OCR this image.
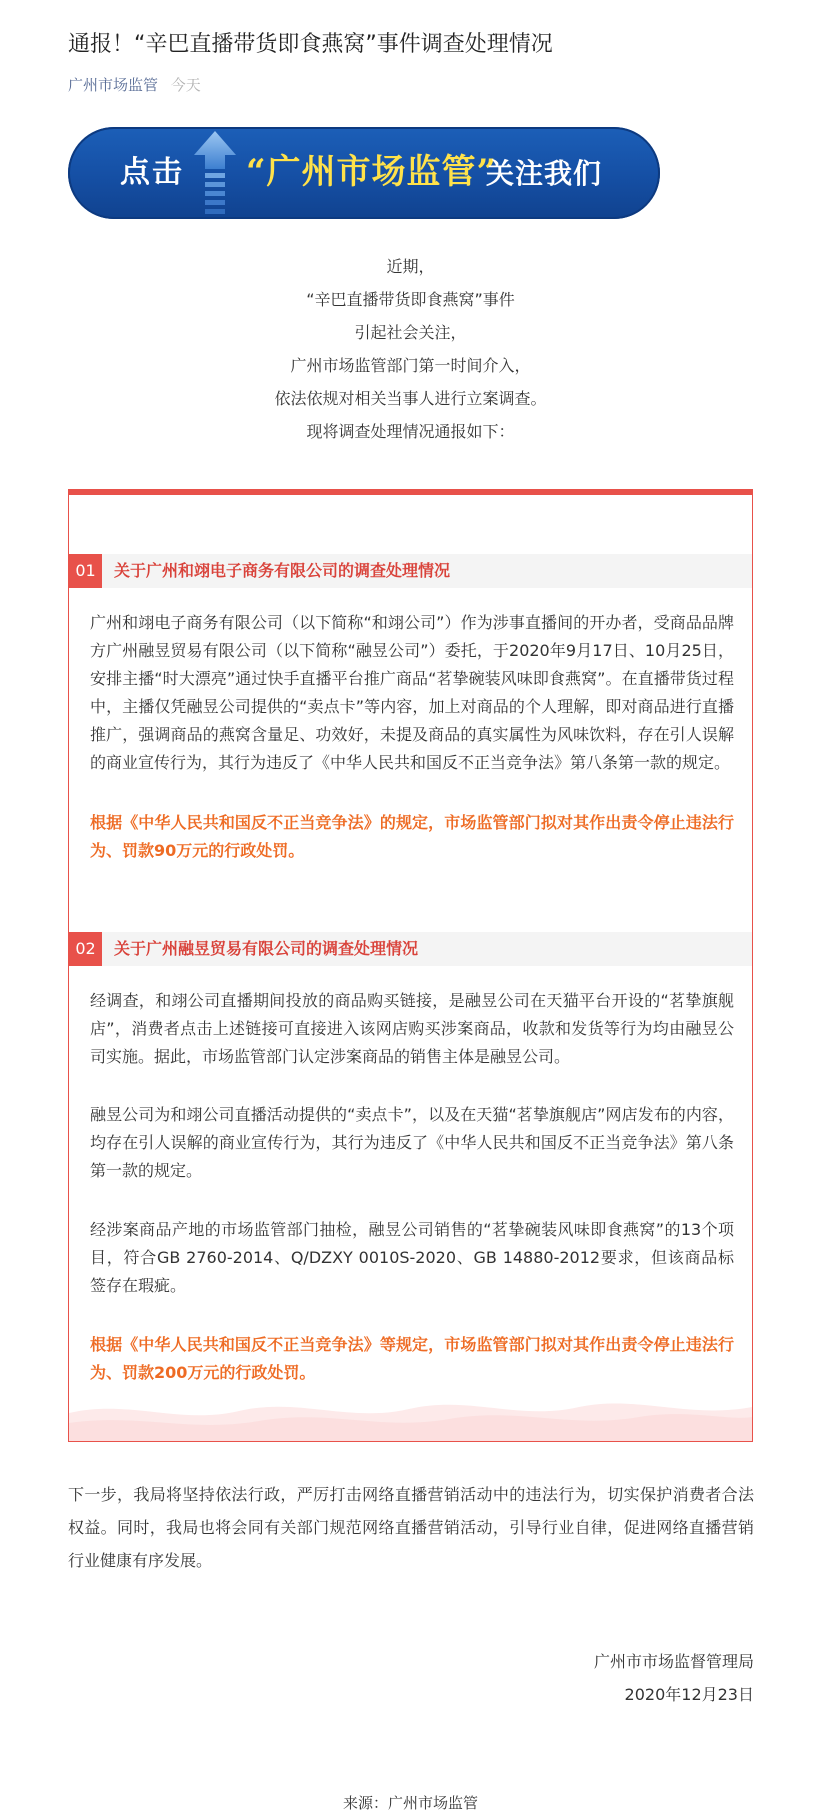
通报！“辛巴直播带货即食燕窝”事件调查处理情况
广州市场监管 今天
点击 “广州市场监管”
关注我们
近期，
“辛巴直播带货即食燕窝”事件
引起社会关注，
广州市场监管部门第一时间介入，
依法依规对相关当事人进行立案调查。
现将调查处理情况通报如下：
01	关于广州和翊电子商务有限公司的调查处理情况

广州和翊电子商务有限公司（以下简称“和翊公司”）作为涉事直播间的开办者，受商品品牌方广州融昱贸易有限公司（以下简称“融昱公司”）委托，于2020年9月17日、10月25日，安排主播“时大漂亮”通过快手直播平台推广商品“茗挚碗装风味即食燕窝”。在直播带货过程中，主播仅凭融昱公司提供的“卖点卡”等内容，加上对商品的个人理解，即对商品进行直播推广，强调商品的燕窝含量足、功效好，未提及商品的真实属性为风味饮料，存在引人误解的商业宣传行为，其行为违反了《中华人民共和国反不正当竞争法》第八条第一款的规定。

根据《中华人民共和国反不正当竞争法》的规定，市场监管部门拟对其作出责令停止违法行为、罚款90万元的行政处罚。

02	关于广州融昱贸易有限公司的调查处理情况

经调查，和翊公司直播期间投放的商品购买链接，是融昱公司在天猫平台开设的“茗挚旗舰店”，消费者点击上述链接可直接进入该网店购买涉案商品，收款和发货等行为均由融昱公司实施。据此，市场监管部门认定涉案商品的销售主体是融昱公司。

融昱公司为和翊公司直播活动提供的“卖点卡”，以及在天猫“茗挚旗舰店”网店发布的内容，均存在引人误解的商业宣传行为，其行为违反了《中华人民共和国反不正当竞争法》第八条第一款的规定。

经涉案商品产地的市场监管部门抽检，融昱公司销售的“茗挚碗装风味即食燕窝”的13个项目，符合GB 2760-2014、Q/DZXY 0010S-2020、GB 14880-2012要求，但该商品标签存在瑕疵。

根据《中华人民共和国反不正当竞争法》等规定，市场监管部门拟对其作出责令停止违法行为、罚款200万元的行政处罚。

下一步，我局将坚持依法行政，严厉打击网络直播营销活动中的违法行为，切实保护消费者合法权益。同时，我局也将会同有关部门规范网络直播营销活动，引导行业自律，促进网络直播营销行业健康有序发展。

广州市市场监督管理局
2020年12月23日
来源：广州市场监管
